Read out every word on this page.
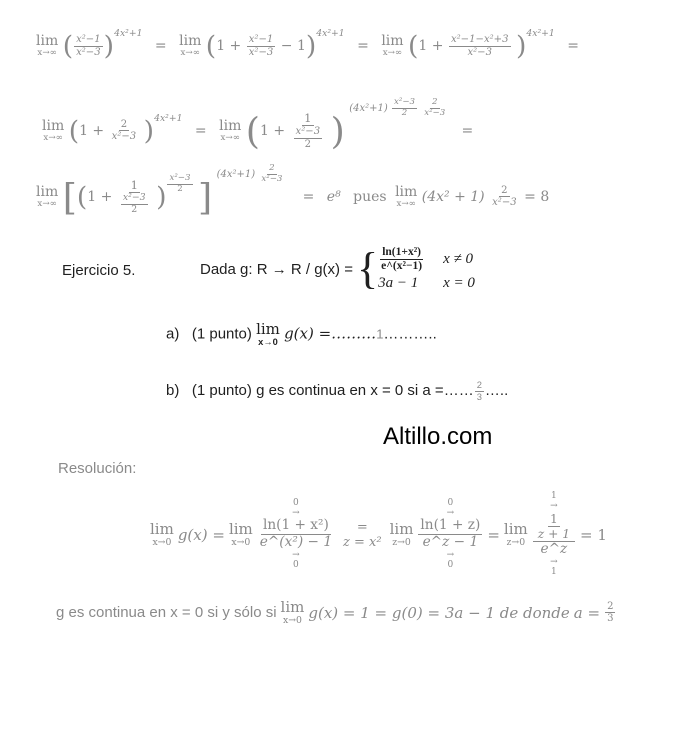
lim
x→∞ ( $\frac{\text{x²−1}}{\text{x²−3}} )^{4x^2+1} = \lim$
x→∞ $(1 + \frac{\text{x²−1}}{\text{x²−3}} - 1)^{4x^2+1} = \lim$
x→∞ $(1 + \frac{\text{x²−1−x²+3}}{\text{x²−3}} )^{4x^2+1}$ =
lim
x→∞ $(1 + \frac{2}{\text{x²−3}} )^{4x^2+1} = \lim$
x→∞ ($1 + \frac{1}{\frac{\text{x²−3}}{2}}$ ) $^{(4x^2+1) \frac{\text{x²−3}}{2} \frac{2}{\text{x²−3}}}$
=
lim
x→∞ [($1 + \frac{1}{\frac{\text{x²−3}}{2}}$ ) $^{\frac{\text{x²−3}}{2}}$ ] $^{(4x^2+1) \frac{2}{\text{x²−3}}}$
= e⁸ pues lim
x→∞ $(4x^2 + 1) \frac{2}{\text{x²−3}} = 8$
Ejercicio 5.	Dada g: R → R / g(x) = { $\frac{\text{ln(1+x²)}}{\text{e\textasciicircum{}(x²−1)}}$ x ≠ 0
3a − 1	x = 0
a) (1 punto) lim
x→0 g(x) =………1………..
b) (1 punto) g es continua en x = 0 si a =…… $\frac{2}{3}$ …..
Altillo.com
Resolución:
lim
x→0 g(x) = lim
x→0
0
→
$\frac{\text{ln(1 + x²)}}{\text{e\textasciicircum{}(x²) − 1}}$
→
0
=
z = x²
lim
z→0
0
→
$\frac{\ln(1 + z)}{e\^{}z - 1}$
→
0
= lim
z→0
1
→
$\frac{\frac{1}{z + 1}}{e\^{}z}$
→
1
= 1
g es continua en x = 0 si y sólo si lim
x→0 g(x) = 1 = g(0) = 3a − 1 de donde $a = \frac{2}{3}$
